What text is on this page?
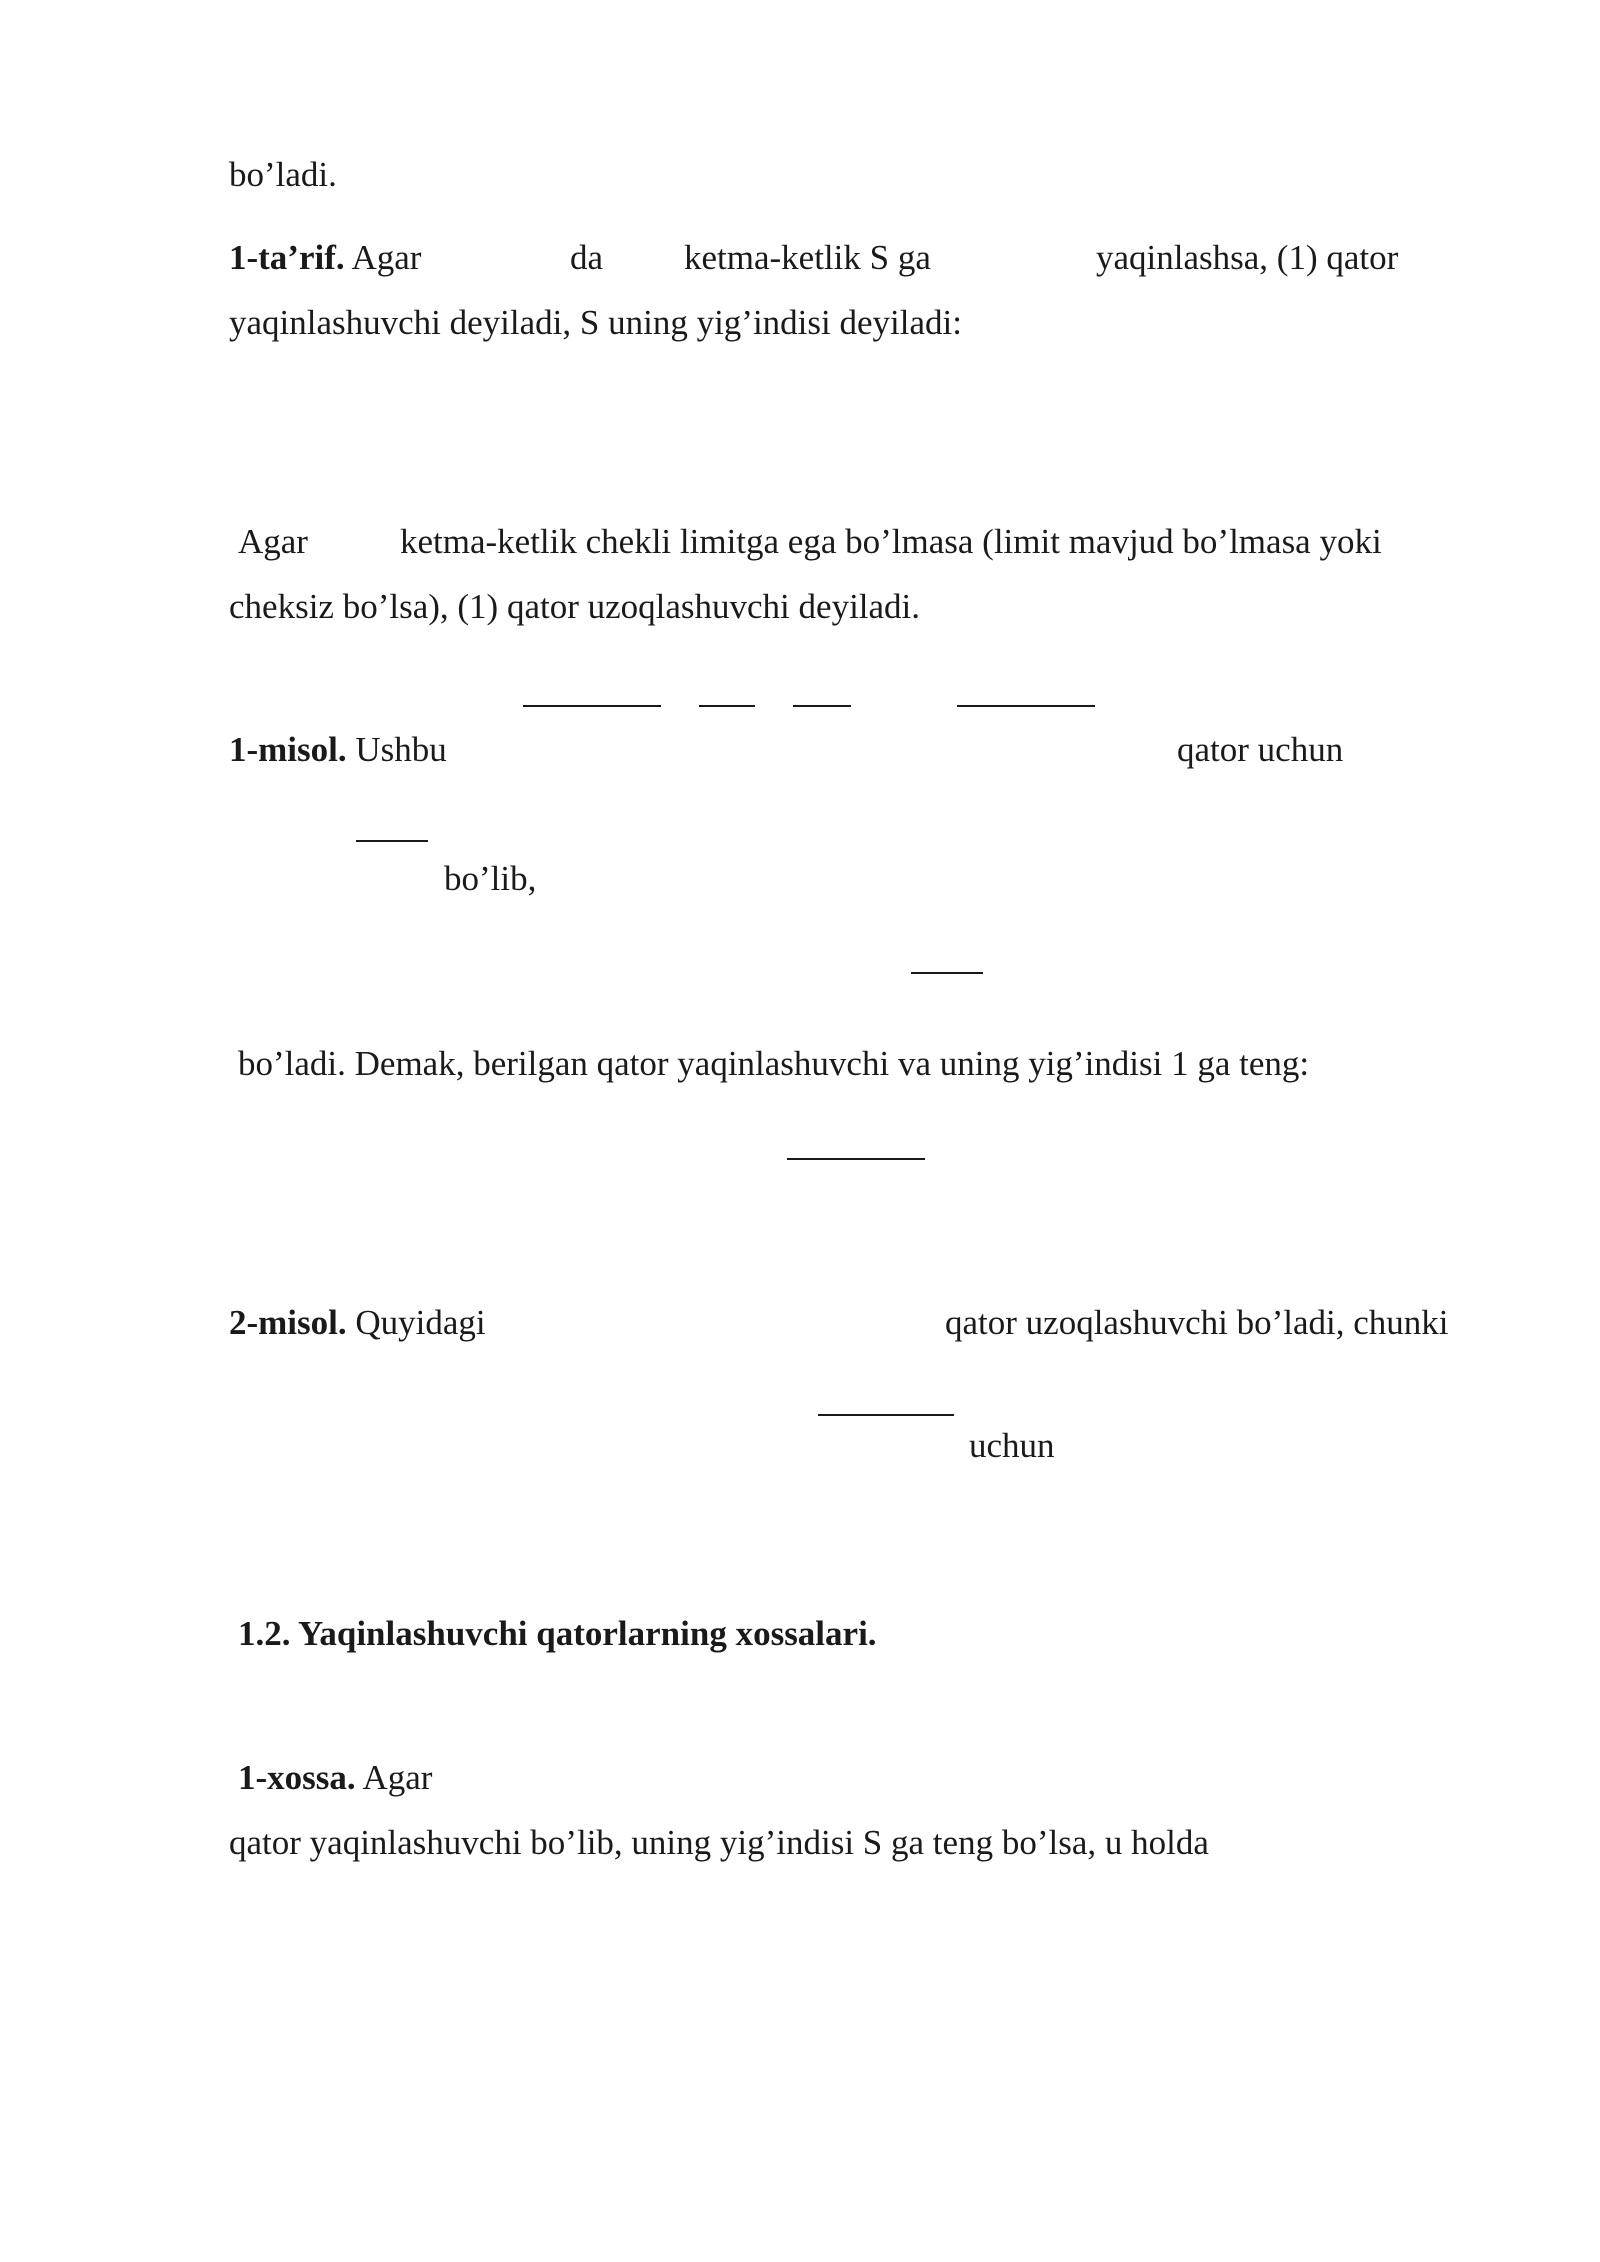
bo’ladi.
1-ta’rif. Agar	da ketma-ketlik S ga	yaqinlashsa, (1) qator
yaqinlashuvchi deyiladi, S uning yig’indisi deyiladi:
Agar	ketma-ketlik chekli limitga ega bo’lmasa (limit mavjud bo’lmasa yoki
cheksiz bo’lsa), (1) qator uzoqlashuvchi deyiladi.
1-misol. Ushbu	qator uchun
bo’lib,
bo’ladi. Demak, berilgan qator yaqinlashuvchi va uning yig’indisi 1 ga teng:
2-misol. Quyidagi	qator uzoqlashuvchi bo’ladi, chunki
uchun
1.2. Yaqinlashuvchi qatorlarning xossalari.
1-xossa. Agar
qator yaqinlashuvchi bo’lib, uning yig’indisi S ga teng bo’lsa, u holda
